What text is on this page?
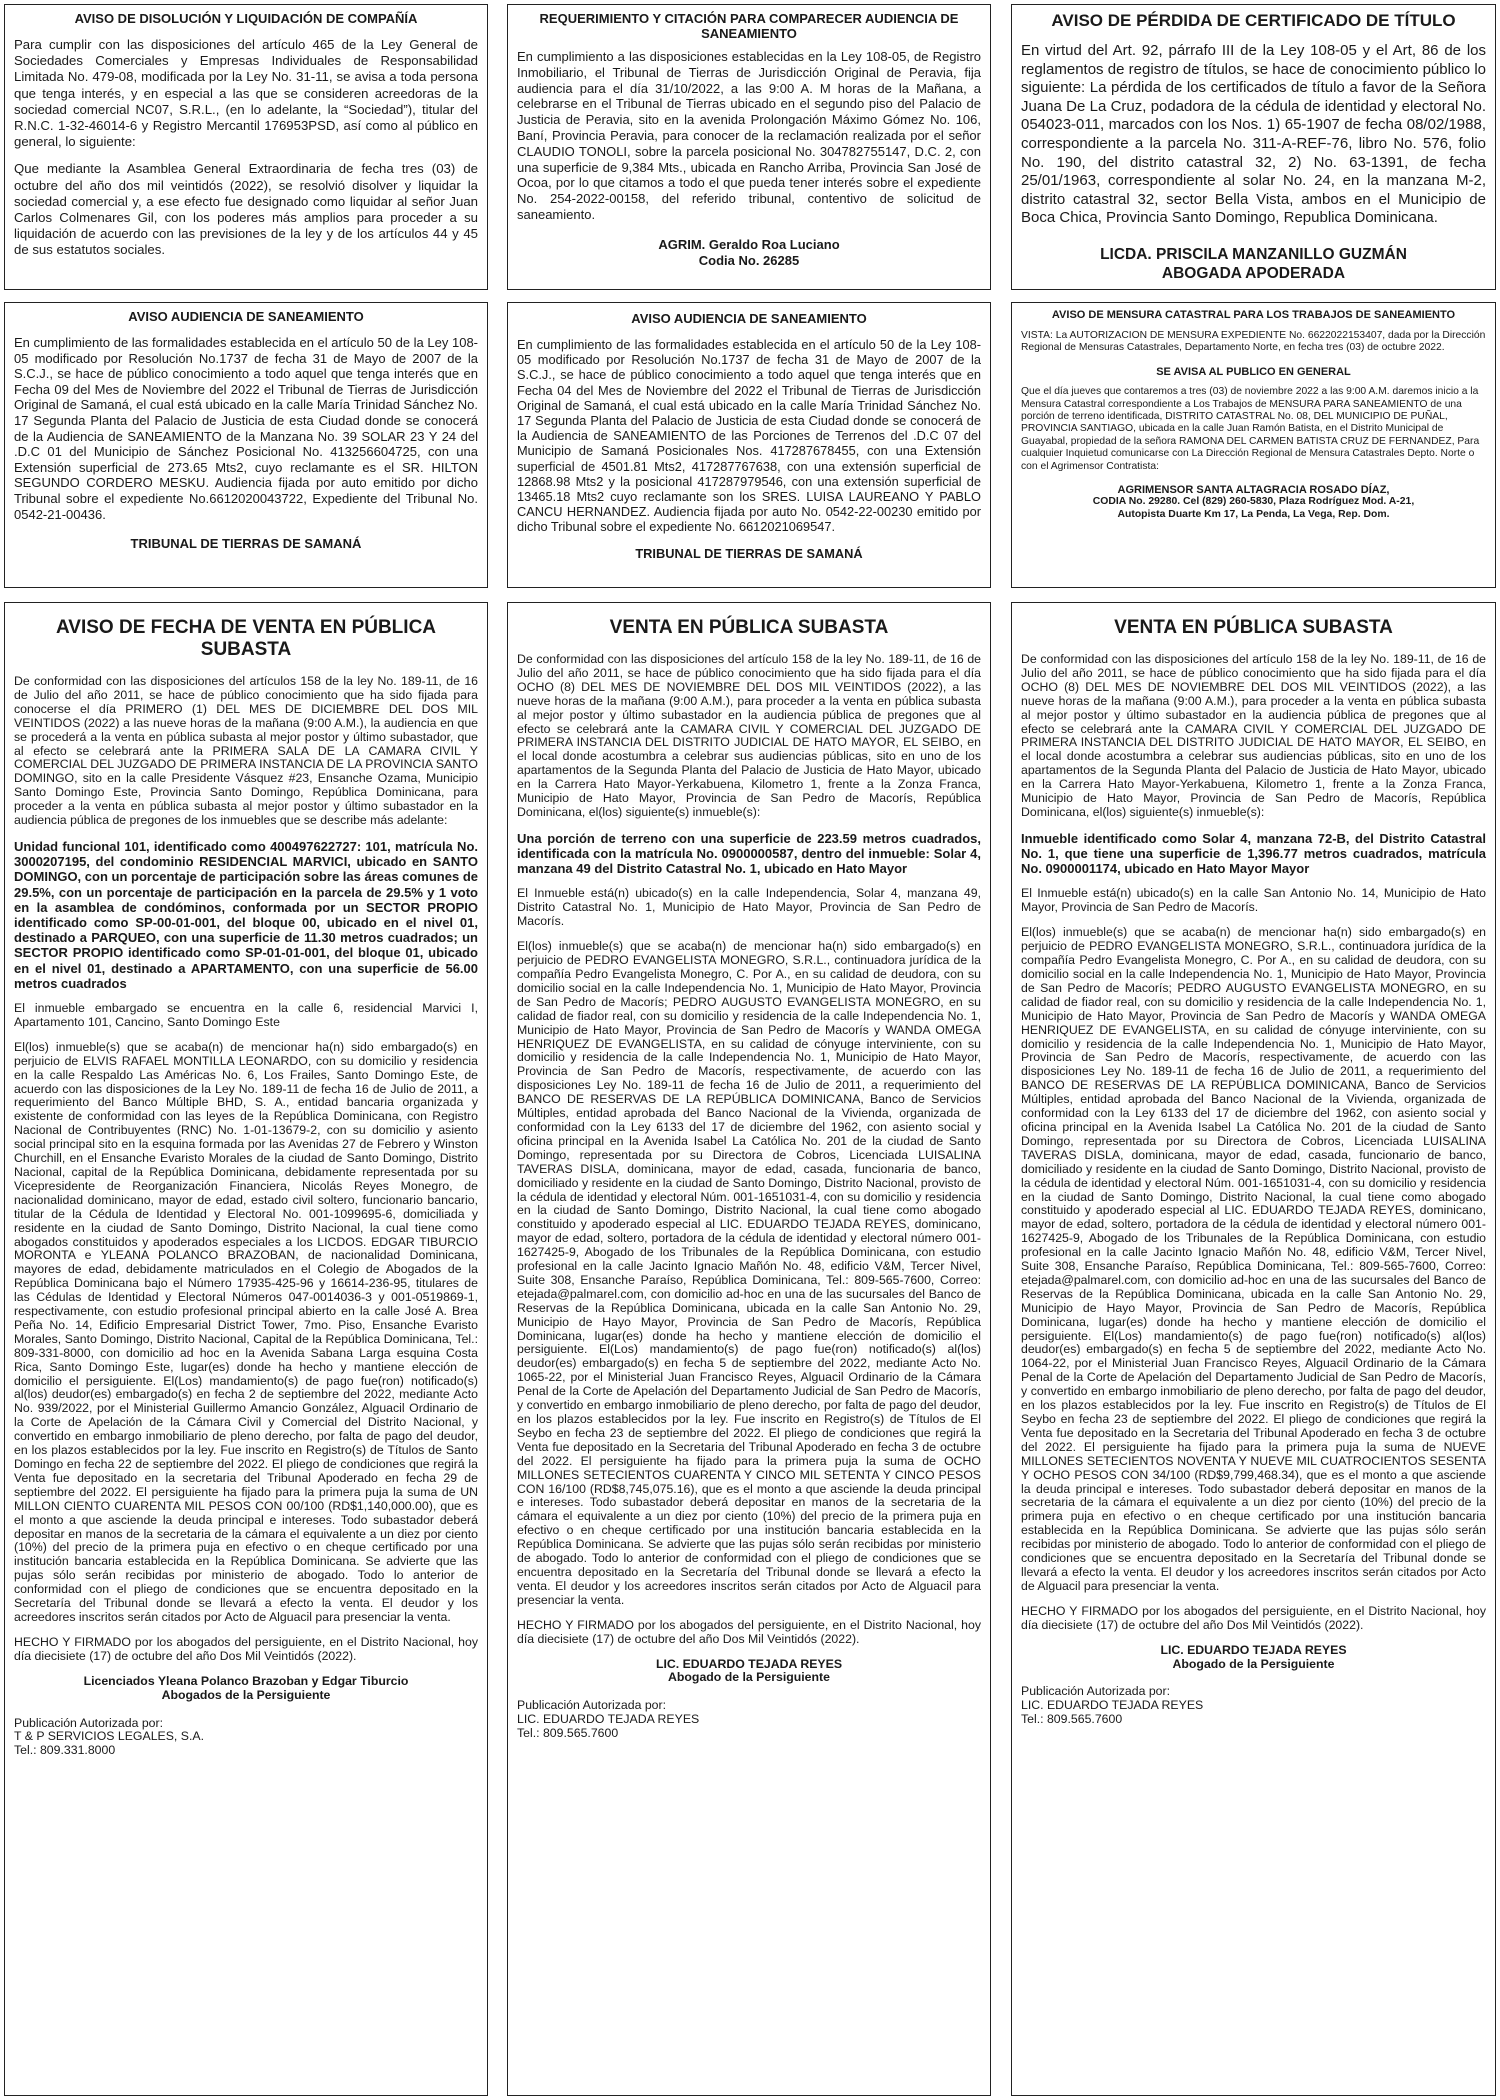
AVISO DE DISOLUCIÓN Y LIQUIDACIÓN DE COMPAÑÍA

Para cumplir con las disposiciones del artículo 465 de la Ley General de Sociedades Comerciales y Empresas Individuales de Responsabilidad Limitada No. 479-08, modificada por la Ley No. 31-11, se avisa a toda persona que tenga interés, y en especial a las que se consideren acreedoras de la sociedad comercial NC07, S.R.L., (en lo adelante, la “Sociedad”), titular del R.N.C. 1-32-46014-6 y Registro Mercantil 176953PSD, así como al público en general, lo siguiente:

Que mediante la Asamblea General Extraordinaria de fecha tres (03) de octubre del año dos mil veintidós (2022), se resolvió disolver y liquidar la sociedad comercial y, a ese efecto fue designado como liquidar al señor Juan Carlos Colmenares Gil, con los poderes más amplios para proceder a su liquidación de acuerdo con las previsiones de la ley y de los artículos 44 y 45 de sus estatutos sociales.

REQUERIMIENTO Y CITACIÓN PARA COMPARECER AUDIENCIA DE SANEAMIENTO

En cumplimiento a las disposiciones establecidas en la Ley 108-05, de Registro Inmobiliario, el Tribunal de Tierras de Jurisdicción Original de Peravia, fija audiencia para el día 31/10/2022, a las 9:00 A. M horas de la Mañana, a celebrarse en el Tribunal de Tierras ubicado en el segundo piso del Palacio de Justicia de Peravia, sito en la avenida Prolongación Máximo Gómez No. 106, Baní, Provincia Peravia, para conocer de la reclamación realizada por el señor CLAUDIO TONOLI, sobre la parcela posicional No. 304782755147, D.C. 2, con una superficie de 9,384 Mts., ubicada en Rancho Arriba, Provincia San José de Ocoa, por lo que citamos a todo el que pueda tener interés sobre el expediente No. 254-2022-00158, del referido tribunal, contentivo de solicitud de saneamiento.

AGRIM. Geraldo Roa Luciano
Codia No. 26285
AVISO DE PÉRDIDA DE CERTIFICADO DE TÍTULO

En virtud del Art. 92, párrafo III de la Ley 108-05 y el Art, 86 de los reglamentos de registro de títulos, se hace de conocimiento público lo siguiente: La pérdida de los certificados de título a favor de la Señora Juana De La Cruz, podadora de la cédula de identidad y electoral No. 054023-011, marcados con los Nos. 1) 65-1907 de fecha 08/02/1988, correspondiente a la parcela No. 311-A-REF-76, libro No. 576, folio No. 190, del distrito catastral 32, 2) No. 63-1391, de fecha 25/01/1963, correspondiente al solar No. 24, en la manzana M-2, distrito catastral 32, sector Bella Vista, ambos en el Municipio de Boca Chica, Provincia Santo Domingo, Republica Dominicana.

LICDA. PRISCILA MANZANILLO GUZMÁN
ABOGADA APODERADA
AVISO AUDIENCIA DE SANEAMIENTO

En cumplimiento de las formalidades establecida en el artículo 50 de la Ley 108-05 modificado por Resolución No.1737 de fecha 31 de Mayo de 2007 de la S.C.J., se hace de público conocimiento a todo aquel que tenga interés que en Fecha 09 del Mes de Noviembre del 2022 el Tribunal de Tierras de Jurisdicción Original de Samaná, el cual está ubicado en la calle María Trinidad Sánchez No. 17 Segunda Planta del Palacio de Justicia de esta Ciudad donde se conocerá de la Audiencia de SANEAMIENTO de la Manzana No. 39 SOLAR 23 Y 24 del .D.C 01 del Municipio de Sánchez Posicional No. 413256604725, con una Extensión superficial de 273.65 Mts2, cuyo reclamante es el SR. HILTON SEGUNDO CORDERO MESKU. Audiencia fijada por auto emitido por dicho Tribunal sobre el expediente No.6612020043722, Expediente del Tribunal No. 0542-21-00436.

TRIBUNAL DE TIERRAS DE SAMANÁ
AVISO AUDIENCIA DE SANEAMIENTO

En cumplimiento de las formalidades establecida en el artículo 50 de la Ley 108-05 modificado por Resolución No.1737 de fecha 31 de Mayo de 2007 de la S.C.J., se hace de público conocimiento a todo aquel que tenga interés que en Fecha 04 del Mes de Noviembre del 2022 el Tribunal de Tierras de Jurisdicción Original de Samaná, el cual está ubicado en la calle María Trinidad Sánchez No. 17 Segunda Planta del Palacio de Justicia de esta Ciudad donde se conocerá de la Audiencia de SANEAMIENTO de las Porciones de Terrenos del .D.C 07 del Municipio de Samaná Posicionales Nos. 417287678455, con una Extensión superficial de 4501.81 Mts2, 417287767638, con una extensión superficial de 12868.98 Mts2 y la posicional 417287979546, con una extensión superficial de 13465.18 Mts2 cuyo reclamante son los SRES. LUISA LAUREANO Y PABLO CANCU HERNANDEZ. Audiencia fijada por auto No. 0542-22-00230 emitido por dicho Tribunal sobre el expediente No. 6612021069547.

TRIBUNAL DE TIERRAS DE SAMANÁ
AVISO DE MENSURA CATASTRAL PARA LOS TRABAJOS DE SANEAMIENTO

VISTA: La AUTORIZACION DE MENSURA EXPEDIENTE No. 6622022153407, dada por la Dirección Regional de Mensuras Catastrales, Departamento Norte, en fecha tres (03) de octubre 2022.

SE AVISA AL PUBLICO EN GENERAL

Que el día jueves que contaremos a tres (03) de noviembre 2022 a las 9:00 A.M. daremos inicio a la Mensura Catastral correspondiente a Los Trabajos de MENSURA PARA SANEAMIENTO de una porción de terreno identificada, DISTRITO CATASTRAL No. 08, DEL MUNICIPIO DE PUÑAL, PROVINCIA SANTIAGO, ubicada en la calle Juan Ramón Batista, en el Distrito Municipal de Guayabal, propiedad de la señora RAMONA DEL CARMEN BATISTA CRUZ DE FERNANDEZ, Para cualquier Inquietud comunicarse con La Dirección Regional de Mensura Catastrales Depto. Norte o con el Agrimensor Contratista:

AGRIMENSOR SANTA ALTAGRACIA ROSADO DÍAZ,
CODIA No. 29280. Cel (829) 260-5830, Plaza Rodríguez Mod. A-21,
Autopista Duarte Km 17, La Penda, La Vega, Rep. Dom.
AVISO DE FECHA DE VENTA EN PÚBLICA SUBASTA

De conformidad con las disposiciones del artículos 158 de la ley No. 189-11, de 16 de Julio del año 2011, se hace de público conocimiento que ha sido fijada para conocerse el día PRIMERO (1) DEL MES DE DICIEMBRE DEL DOS MIL VEINTIDOS (2022) a las nueve horas de la mañana (9:00 A.M.), la audiencia en que se procederá a la venta en pública subasta al mejor postor y último subastador, que al efecto se celebrará ante la PRIMERA SALA DE LA CAMARA CIVIL Y COMERCIAL DEL JUZGADO DE PRIMERA INSTANCIA DE LA PROVINCIA SANTO DOMINGO, sito en la calle Presidente Vásquez #23, Ensanche Ozama, Municipio Santo Domingo Este, Provincia Santo Domingo, República Dominicana, para proceder a la venta en pública subasta al mejor postor y último subastador en la audiencia pública de pregones de los inmuebles que se describe más adelante:

Unidad funcional 101, identificado como 400497622727: 101, matrícula No. 3000207195, del condominio RESIDENCIAL MARVICI, ubicado en SANTO DOMINGO, con un porcentaje de participación sobre las áreas comunes de 29.5%, con un porcentaje de participación en la parcela de 29.5% y 1 voto en la asamblea de condóminos, conformada por un SECTOR PROPIO identificado como SP-00-01-001, del bloque 00, ubicado en el nivel 01, destinado a PARQUEO, con una superficie de 11.30 metros cuadrados; un SECTOR PROPIO identificado como SP-01-01-001, del bloque 01, ubicado en el nivel 01, destinado a APARTAMENTO, con una superficie de 56.00 metros cuadrados

El inmueble embargado se encuentra en la calle 6, residencial Marvici I, Apartamento 101, Cancino, Santo Domingo Este

El(los) inmueble(s) que se acaba(n) de mencionar ha(n) sido embargado(s) en perjuicio de ELVIS RAFAEL MONTILLA LEONARDO, con su domicilio y residencia en la calle Respaldo Las Américas No. 6, Los Frailes, Santo Domingo Este, de acuerdo con las disposiciones de la Ley No. 189-11 de fecha 16 de Julio de 2011, a requerimiento del Banco Múltiple BHD, S. A., entidad bancaria organizada y existente de conformidad con las leyes de la República Dominicana, con Registro Nacional de Contribuyentes (RNC) No. 1-01-13679-2, con su domicilio y asiento social principal sito en la esquina formada por las Avenidas 27 de Febrero y Winston Churchill, en el Ensanche Evaristo Morales de la ciudad de Santo Domingo, Distrito Nacional, capital de la República Dominicana, debidamente representada por su Vicepresidente de Reorganización Financiera, Nicolás Reyes Monegro, de nacionalidad dominicano, mayor de edad, estado civil soltero, funcionario bancario, titular de la Cédula de Identidad y Electoral No. 001-1099695-6, domiciliada y residente en la ciudad de Santo Domingo, Distrito Nacional, la cual tiene como abogados constituidos y apoderados especiales a los LICDOS. EDGAR TIBURCIO MORONTA e YLEANA POLANCO BRAZOBAN, de nacionalidad Dominicana, mayores de edad, debidamente matriculados en el Colegio de Abogados de la República Dominicana bajo el Número 17935-425-96 y 16614-236-95, titulares de las Cédulas de Identidad y Electoral Números 047-0014036-3 y 001-0519869-1, respectivamente, con estudio profesional principal abierto en la calle José A. Brea Peña No. 14, Edificio Empresarial District Tower, 7mo. Piso, Ensanche Evaristo Morales, Santo Domingo, Distrito Nacional, Capital de la República Dominicana, Tel.: 809-331-8000, con domicilio ad hoc en la Avenida Sabana Larga esquina Costa Rica, Santo Domingo Este, lugar(es) donde ha hecho y mantiene elección de domicilio el persiguiente. El(Los) mandamiento(s) de pago fue(ron) notificado(s) al(los) deudor(es) embargado(s) en fecha 2 de septiembre del 2022, mediante Acto No. 939/2022, por el Ministerial Guillermo Amancio González, Alguacil Ordinario de la Corte de Apelación de la Cámara Civil y Comercial del Distrito Nacional, y convertido en embargo inmobiliario de pleno derecho, por falta de pago del deudor, en los plazos establecidos por la ley. Fue inscrito en Registro(s) de Títulos de Santo Domingo en fecha 22 de septiembre del 2022. El pliego de condiciones que regirá la Venta fue depositado en la secretaria del Tribunal Apoderado en fecha 29 de septiembre del 2022. El persiguiente ha fijado para la primera puja la suma de UN MILLON CIENTO CUARENTA MIL PESOS CON 00/100 (RD$1,140,000.00), que es el monto a que asciende la deuda principal e intereses. Todo subastador deberá depositar en manos de la secretaria de la cámara el equivalente a un diez por ciento (10%) del precio de la primera puja en efectivo o en cheque certificado por una institución bancaria establecida en la República Dominicana. Se advierte que las pujas sólo serán recibidas por ministerio de abogado. Todo lo anterior de conformidad con el pliego de condiciones que se encuentra depositado en la Secretaría del Tribunal donde se llevará a efecto la venta. El deudor y los acreedores inscritos serán citados por Acto de Alguacil para presenciar la venta.

HECHO Y FIRMADO por los abogados del persiguiente, en el Distrito Nacional, hoy día diecisiete (17) de octubre del año Dos Mil Veintidós (2022).

Licenciados Yleana Polanco Brazoban y Edgar Tiburcio
Abogados de la Persiguiente
Publicación Autorizada por:
T & P SERVICIOS LEGALES, S.A.
Tel.: 809.331.8000
VENTA EN PÚBLICA SUBASTA

De conformidad con las disposiciones del artículo 158 de la ley No. 189-11, de 16 de Julio del año 2011, se hace de público conocimiento que ha sido fijada para el día OCHO (8) DEL MES DE NOVIEMBRE DEL DOS MIL VEINTIDOS (2022), a las nueve horas de la mañana (9:00 A.M.), para proceder a la venta en pública subasta al mejor postor y último subastador en la audiencia pública de pregones que al efecto se celebrará ante la CAMARA CIVIL Y COMERCIAL DEL JUZGADO DE PRIMERA INSTANCIA DEL DISTRITO JUDICIAL DE HATO MAYOR, EL SEIBO, en el local donde acostumbra a celebrar sus audiencias públicas, sito en uno de los apartamentos de la Segunda Planta del Palacio de Justicia de Hato Mayor, ubicado en la Carrera Hato Mayor-Yerkabuena, Kilometro 1, frente a la Zonza Franca, Municipio de Hato Mayor, Provincia de San Pedro de Macorís, República Dominicana, el(los) siguiente(s) inmueble(s):

Una porción de terreno con una superficie de 223.59 metros cuadrados, identificada con la matrícula No. 0900000587, dentro del inmueble: Solar 4, manzana 49 del Distrito Catastral No. 1, ubicado en Hato Mayor

El Inmueble está(n) ubicado(s) en la calle Independencia, Solar 4, manzana 49, Distrito Catastral No. 1, Municipio de Hato Mayor, Provincia de San Pedro de Macorís.

El(los) inmueble(s) que se acaba(n) de mencionar ha(n) sido embargado(s) en perjuicio de PEDRO EVANGELISTA MONEGRO, S.R.L., continuadora jurídica de la compañía Pedro Evangelista Monegro, C. Por A., en su calidad de deudora, con su domicilio social en la calle Independencia No. 1, Municipio de Hato Mayor, Provincia de San Pedro de Macorís; PEDRO AUGUSTO EVANGELISTA MONEGRO, en su calidad de fiador real, con su domicilio y residencia de la calle Independencia No. 1, Municipio de Hato Mayor, Provincia de San Pedro de Macorís y WANDA OMEGA HENRIQUEZ DE EVANGELISTA, en su calidad de cónyuge interviniente, con su domicilio y residencia de la calle Independencia No. 1, Municipio de Hato Mayor, Provincia de San Pedro de Macorís, respectivamente, de acuerdo con las disposiciones Ley No. 189-11 de fecha 16 de Julio de 2011, a requerimiento del BANCO DE RESERVAS DE LA REPÚBLICA DOMINICANA, Banco de Servicios Múltiples, entidad aprobada del Banco Nacional de la Vivienda, organizada de conformidad con la Ley 6133 del 17 de diciembre del 1962, con asiento social y oficina principal en la Avenida Isabel La Católica No. 201 de la ciudad de Santo Domingo, representada por su Directora de Cobros, Licenciada LUISALINA TAVERAS DISLA, dominicana, mayor de edad, casada, funcionaria de banco, domiciliado y residente en la ciudad de Santo Domingo, Distrito Nacional, provisto de la cédula de identidad y electoral Núm. 001-1651031-4, con su domicilio y residencia en la ciudad de Santo Domingo, Distrito Nacional, la cual tiene como abogado constituido y apoderado especial al LIC. EDUARDO TEJADA REYES, dominicano, mayor de edad, soltero, portadora de la cédula de identidad y electoral número 001-1627425-9, Abogado de los Tribunales de la República Dominicana, con estudio profesional en la calle Jacinto Ignacio Mañón No. 48, edificio V&M, Tercer Nivel, Suite 308, Ensanche Paraíso, República Dominicana, Tel.: 809-565-7600, Correo: etejada@palmarel.com, con domicilio ad-hoc en una de las sucursales del Banco de Reservas de la República Dominicana, ubicada en la calle San Antonio No. 29, Municipio de Hayo Mayor, Provincia de San Pedro de Macorís, República Dominicana, lugar(es) donde ha hecho y mantiene elección de domicilio el persiguiente. El(Los) mandamiento(s) de pago fue(ron) notificado(s) al(los) deudor(es) embargado(s) en fecha 5 de septiembre del 2022, mediante Acto No. 1065-22, por el Ministerial Juan Francisco Reyes, Alguacil Ordinario de la Cámara Penal de la Corte de Apelación del Departamento Judicial de San Pedro de Macorís, y convertido en embargo inmobiliario de pleno derecho, por falta de pago del deudor, en los plazos establecidos por la ley. Fue inscrito en Registro(s) de Títulos de El Seybo en fecha 23 de septiembre del 2022. El pliego de condiciones que regirá la Venta fue depositado en la Secretaria del Tribunal Apoderado en fecha 3 de octubre del 2022. El persiguiente ha fijado para la primera puja la suma de OCHO MILLONES SETECIENTOS CUARENTA Y CINCO MIL SETENTA Y CINCO PESOS CON 16/100 (RD$8,745,075.16), que es el monto a que asciende la deuda principal e intereses. Todo subastador deberá depositar en manos de la secretaria de la cámara el equivalente a un diez por ciento (10%) del precio de la primera puja en efectivo o en cheque certificado por una institución bancaria establecida en la República Dominicana. Se advierte que las pujas sólo serán recibidas por ministerio de abogado. Todo lo anterior de conformidad con el pliego de condiciones que se encuentra depositado en la Secretaría del Tribunal donde se llevará a efecto la venta. El deudor y los acreedores inscritos serán citados por Acto de Alguacil para presenciar la venta.

HECHO Y FIRMADO por los abogados del persiguiente, en el Distrito Nacional, hoy día diecisiete (17) de octubre del año Dos Mil Veintidós (2022).

LIC. EDUARDO TEJADA REYES
Abogado de la Persiguiente
Publicación Autorizada por:
LIC. EDUARDO TEJADA REYES
Tel.: 809.565.7600
VENTA EN PÚBLICA SUBASTA

De conformidad con las disposiciones del artículo 158 de la ley No. 189-11, de 16 de Julio del año 2011, se hace de público conocimiento que ha sido fijada para el día OCHO (8) DEL MES DE NOVIEMBRE DEL DOS MIL VEINTIDOS (2022), a las nueve horas de la mañana (9:00 A.M.), para proceder a la venta en pública subasta al mejor postor y último subastador en la audiencia pública de pregones que al efecto se celebrará ante la CAMARA CIVIL Y COMERCIAL DEL JUZGADO DE PRIMERA INSTANCIA DEL DISTRITO JUDICIAL DE HATO MAYOR, EL SEIBO, en el local donde acostumbra a celebrar sus audiencias públicas, sito en uno de los apartamentos de la Segunda Planta del Palacio de Justicia de Hato Mayor, ubicado en la Carrera Hato Mayor-Yerkabuena, Kilometro 1, frente a la Zonza Franca, Municipio de Hato Mayor, Provincia de San Pedro de Macorís, República Dominicana, el(los) siguiente(s) inmueble(s):

Inmueble identificado como Solar 4, manzana 72-B, del Distrito Catastral No. 1, que tiene una superficie de 1,396.77 metros cuadrados, matrícula No. 0900001174, ubicado en Hato Mayor Mayor

El Inmueble está(n) ubicado(s) en la calle San Antonio No. 14, Municipio de Hato Mayor, Provincia de San Pedro de Macorís.

El(los) inmueble(s) que se acaba(n) de mencionar ha(n) sido embargado(s) en perjuicio de PEDRO EVANGELISTA MONEGRO, S.R.L., continuadora jurídica de la compañía Pedro Evangelista Monegro, C. Por A., en su calidad de deudora, con su domicilio social en la calle Independencia No. 1, Municipio de Hato Mayor, Provincia de San Pedro de Macorís; PEDRO AUGUSTO EVANGELISTA MONEGRO, en su calidad de fiador real, con su domicilio y residencia de la calle Independencia No. 1, Municipio de Hato Mayor, Provincia de San Pedro de Macorís y WANDA OMEGA HENRIQUEZ DE EVANGELISTA, en su calidad de cónyuge interviniente, con su domicilio y residencia de la calle Independencia No. 1, Municipio de Hato Mayor, Provincia de San Pedro de Macorís, respectivamente, de acuerdo con las disposiciones Ley No. 189-11 de fecha 16 de Julio de 2011, a requerimiento del BANCO DE RESERVAS DE LA REPÚBLICA DOMINICANA, Banco de Servicios Múltiples, entidad aprobada del Banco Nacional de la Vivienda, organizada de conformidad con la Ley 6133 del 17 de diciembre del 1962, con asiento social y oficina principal en la Avenida Isabel La Católica No. 201 de la ciudad de Santo Domingo, representada por su Directora de Cobros, Licenciada LUISALINA TAVERAS DISLA, dominicana, mayor de edad, casada, funcionario de banco, domiciliado y residente en la ciudad de Santo Domingo, Distrito Nacional, provisto de la cédula de identidad y electoral Núm. 001-1651031-4, con su domicilio y residencia en la ciudad de Santo Domingo, Distrito Nacional, la cual tiene como abogado constituido y apoderado especial al LIC. EDUARDO TEJADA REYES, dominicano, mayor de edad, soltero, portadora de la cédula de identidad y electoral número 001-1627425-9, Abogado de los Tribunales de la República Dominicana, con estudio profesional en la calle Jacinto Ignacio Mañón No. 48, edificio V&M, Tercer Nivel, Suite 308, Ensanche Paraíso, República Dominicana, Tel.: 809-565-7600, Correo: etejada@palmarel.com, con domicilio ad-hoc en una de las sucursales del Banco de Reservas de la República Dominicana, ubicada en la calle San Antonio No. 29, Municipio de Hayo Mayor, Provincia de San Pedro de Macorís, República Dominicana, lugar(es) donde ha hecho y mantiene elección de domicilio el persiguiente. El(Los) mandamiento(s) de pago fue(ron) notificado(s) al(los) deudor(es) embargado(s) en fecha 5 de septiembre del 2022, mediante Acto No. 1064-22, por el Ministerial Juan Francisco Reyes, Alguacil Ordinario de la Cámara Penal de la Corte de Apelación del Departamento Judicial de San Pedro de Macorís, y convertido en embargo inmobiliario de pleno derecho, por falta de pago del deudor, en los plazos establecidos por la ley. Fue inscrito en Registro(s) de Títulos de El Seybo en fecha 23 de septiembre del 2022. El pliego de condiciones que regirá la Venta fue depositado en la Secretaria del Tribunal Apoderado en fecha 3 de octubre del 2022. El persiguiente ha fijado para la primera puja la suma de NUEVE MILLONES SETECIENTOS NOVENTA Y NUEVE MIL CUATROCIENTOS SESENTA Y OCHO PESOS CON 34/100 (RD$9,799,468.34), que es el monto a que asciende la deuda principal e intereses. Todo subastador deberá depositar en manos de la secretaria de la cámara el equivalente a un diez por ciento (10%) del precio de la primera puja en efectivo o en cheque certificado por una institución bancaria establecida en la República Dominicana. Se advierte que las pujas sólo serán recibidas por ministerio de abogado. Todo lo anterior de conformidad con el pliego de condiciones que se encuentra depositado en la Secretaría del Tribunal donde se llevará a efecto la venta. El deudor y los acreedores inscritos serán citados por Acto de Alguacil para presenciar la venta.

HECHO Y FIRMADO por los abogados del persiguiente, en el Distrito Nacional, hoy día diecisiete (17) de octubre del año Dos Mil Veintidós (2022).

LIC. EDUARDO TEJADA REYES
Abogado de la Persiguiente
Publicación Autorizada por:
LIC. EDUARDO TEJADA REYES
Tel.: 809.565.7600
